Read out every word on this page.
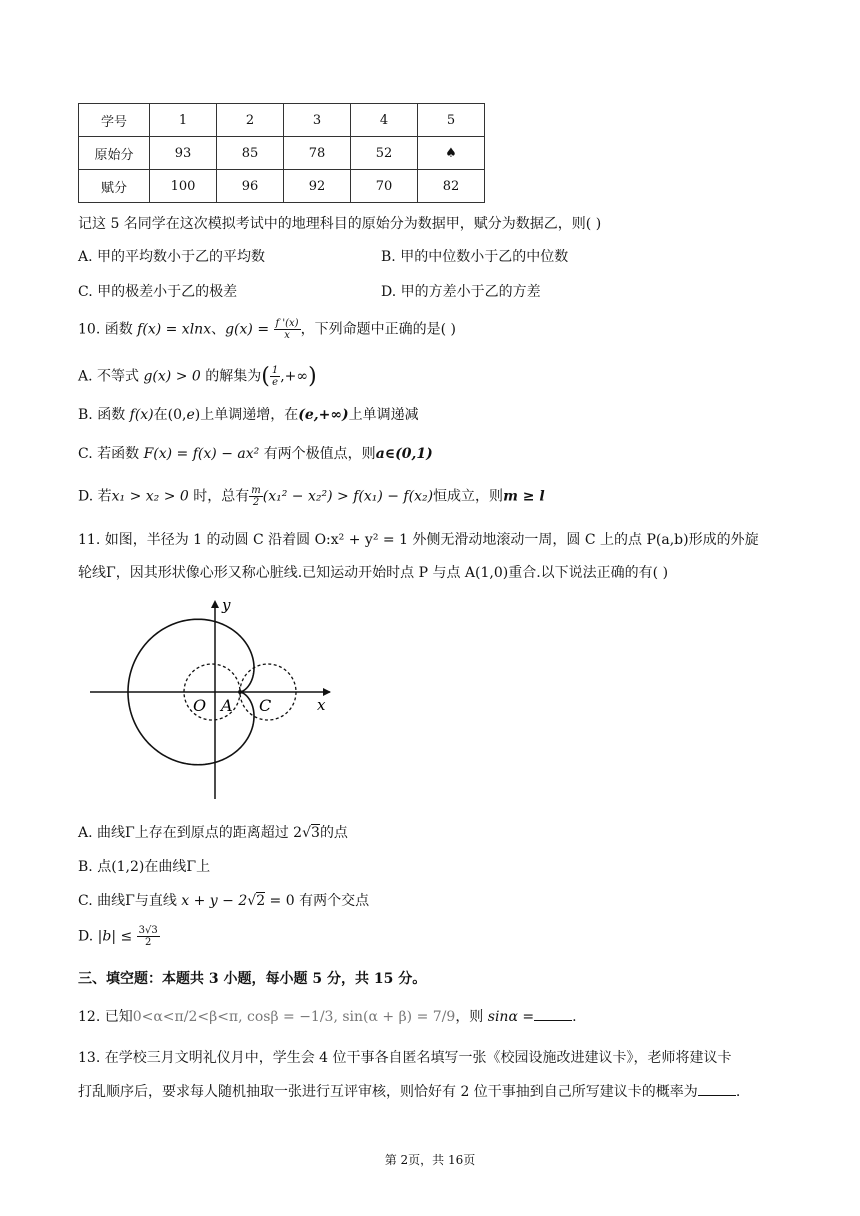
学号	1	2	3	4	5
原始分	93	85	78	52	♠
赋分	100	96	92	70	82
记这 5 名同学在这次模拟考试中的地理科目的原始分为数据甲，赋分为数据乙，则( )
A. 甲的平均数小于乙的平均数	B. 甲的中位数小于乙的中位数
C. 甲的极差小于乙的极差	D. 甲的方差小于乙的方差
10. 函数 f(x) = xlnx、$g(x) = \frac{f '(x)}{x}$ ，下列命题中正确的是( )
A. 不等式 g(x) > 0 的解集为( $\frac{1}{e}$ ,+∞)
B. 函数 f(x)在(0,e)上单调递增，在(e,+∞)上单调递减
C. 若函数 F(x) = f(x) − ax² 有两个极值点，则a∈(0,1)
D. 若x₁ > x₂ > 0 时，总有 $\frac{m}{2} (x_1^2 - x_2^2) > f(x_1) - f(x_2)$恒成立，则m ≥ l
11. 如图，半径为 1 的动圆 C 沿着圆 O:x² + y² = 1 外侧无滑动地滚动一周，圆 C 上的点 P(a,b)形成的外旋
轮线Γ，因其形状像心形又称心脏线.已知运动开始时点 P 与点 A(1,0)重合.以下说法正确的有( )
O A C	x
y
A. 曲线Γ上存在到原点的距离超过 2√3的点
B. 点(1,2)在曲线Γ上
C. 曲线Γ与直线 x + y − 2√2 = 0 有两个交点
D. $|b| \le \frac{3√3}{2}$
三、填空题：本题共 3 小题，每小题 5 分，共 15 分。
12. 已知0<α<π/2<β<π, cosβ = −1/3, sin(α + β) = 7/9，则 sinα =	.
13. 在学校三月文明礼仪月中，学生会 4 位干事各自匿名填写一张《校园设施改进建议卡》，老师将建议卡
打乱顺序后，要求每人随机抽取一张进行互评审核，则恰好有 2 位干事抽到自己所写建议卡的概率为	.
第 2页，共 16页
